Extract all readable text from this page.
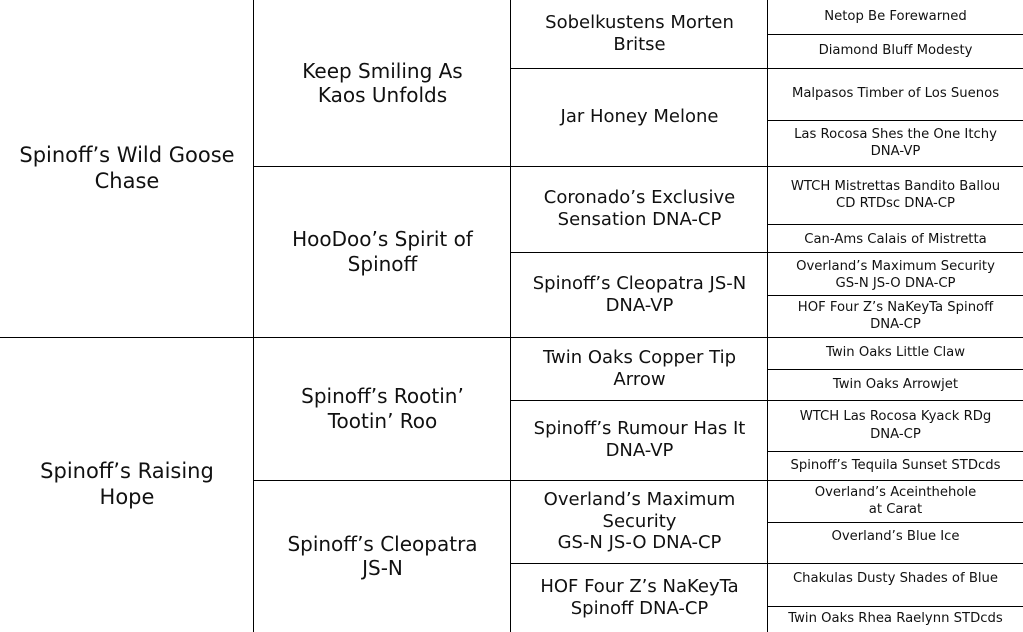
Spinoff’s Wild Goose
Chase
Spinoff’s Raising
Hope
Keep Smiling As
Kaos Unfolds
HooDoo’s Spirit of
Spinoff
Spinoff’s Rootin’
Tootin’ Roo
Spinoff’s Cleopatra
JS-N
Sobelkustens Morten
Britse
Jar Honey Melone
Coronado’s Exclusive
Sensation DNA-CP
Spinoff’s Cleopatra JS-N
DNA-VP
Twin Oaks Copper Tip
Arrow
Spinoff’s Rumour Has It
DNA-VP
Overland’s Maximum
Security
GS-N JS-O DNA-CP
HOF Four Z’s NaKeyTa
Spinoff DNA-CP
Netop Be Forewarned
Diamond Bluff Modesty
Malpasos Timber of Los Suenos
Las Rocosa Shes the One Itchy
DNA-VP
WTCH Mistrettas Bandito Ballou
CD RTDsc DNA-CP
Can-Ams Calais of Mistretta
Overland’s Maximum Security
GS-N JS-O DNA-CP
HOF Four Z’s NaKeyTa Spinoff
DNA-CP
Twin Oaks Little Claw
Twin Oaks Arrowjet
WTCH Las Rocosa Kyack RDg
DNA-CP
Spinoff’s Tequila Sunset STDcds
Overland’s Aceinthehole
at Carat
Overland’s Blue Ice
Chakulas Dusty Shades of Blue
Twin Oaks Rhea Raelynn STDcds
